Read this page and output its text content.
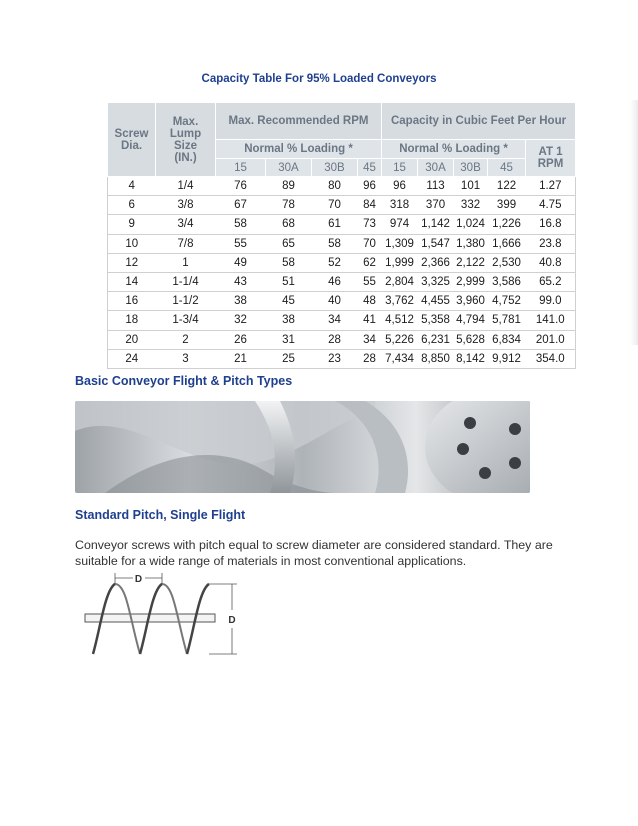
Capacity Table For 95% Loaded Conveyors
Screw Dia.	Max. Lump Size (IN.)	Max. Recommended RPM				Capacity in Cubic Feet Per Hour				
		Normal % Loading *				Normal % Loading *				AT 1 RPM
		15	30A	30B	45	15	30A	30B	45	
4	1/4	76	89	80	96	96	113	101	122	1.27
6	3/8	67	78	70	84	318	370	332	399	4.75
9	3/4	58	68	61	73	974	1,142	1,024	1,226	16.8
10	7/8	55	65	58	70	1,309	1,547	1,380	1,666	23.8
12	1	49	58	52	62	1,999	2,366	2,122	2,530	40.8
14	1-1/4	43	51	46	55	2,804	3,325	2,999	3,586	65.2
16	1-1/2	38	45	40	48	3,762	4,455	3,960	4,752	99.0
18	1-3/4	32	38	34	41	4,512	5,358	4,794	5,781	141.0
20	2	26	31	28	34	5,226	6,231	5,628	6,834	201.0
24	3	21	25	23	28	7,434	8,850	8,142	9,912	354.0
Basic Conveyor Flight & Pitch Types
Standard Pitch, Single Flight
Conveyor screws with pitch equal to screw diameter are considered standard. They are suitable for a wide range of materials in most conventional applications.
D
D
